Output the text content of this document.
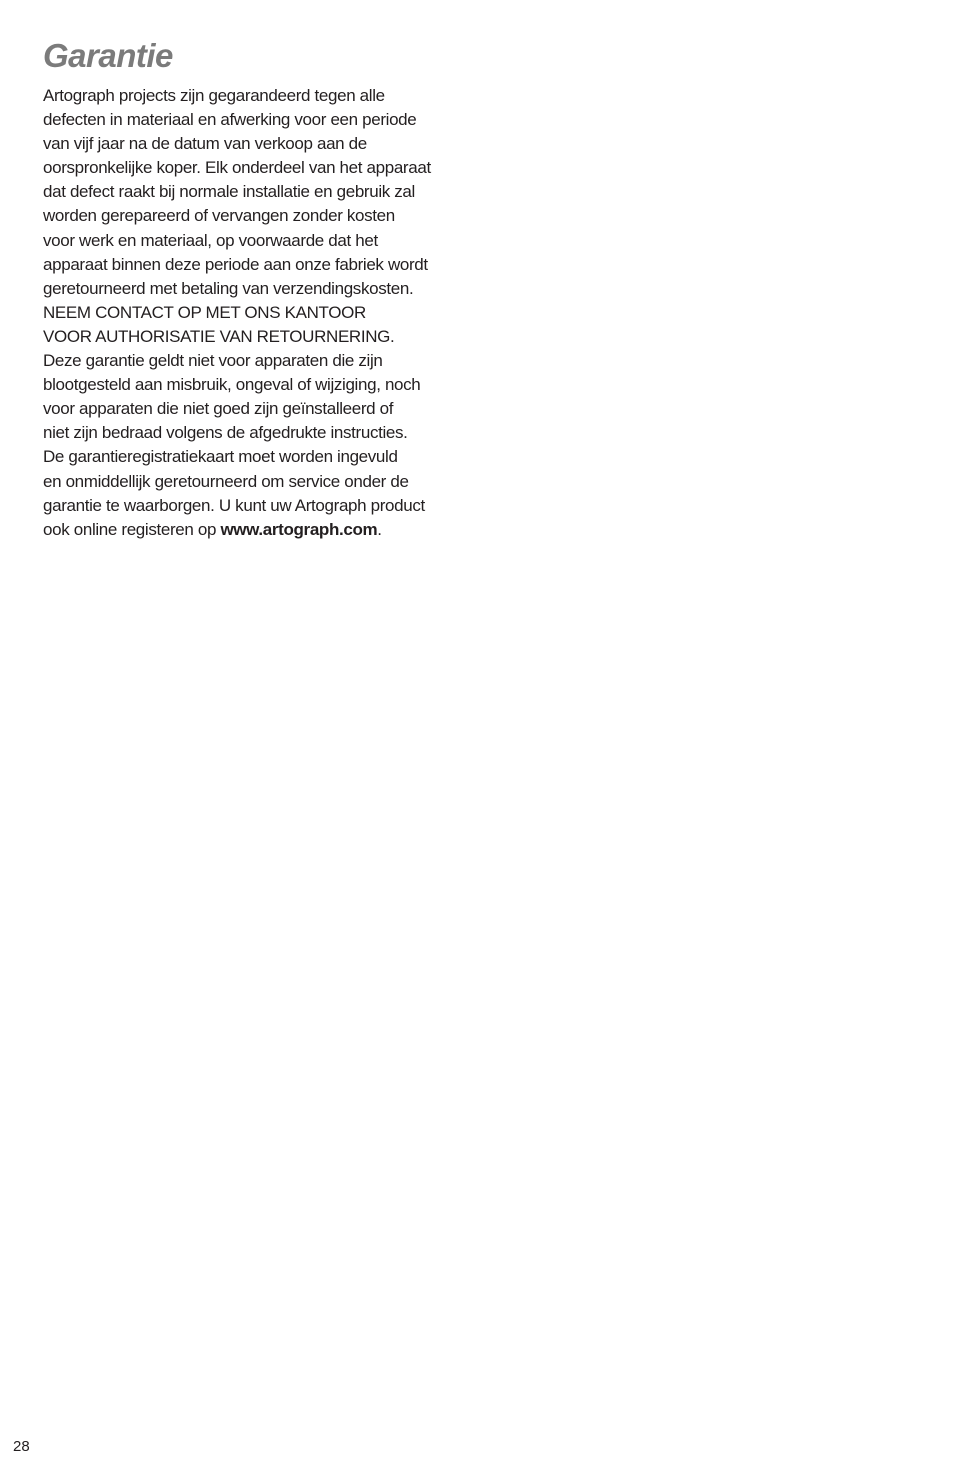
Garantie
Artograph projects zijn gegarandeerd tegen alle
defecten in materiaal en afwerking voor een periode
van vijf jaar na de datum van verkoop aan de
oorspronkelijke koper. Elk onderdeel van het apparaat
dat defect raakt bij normale installatie en gebruik zal
worden gerepareerd of vervangen zonder kosten
voor werk en materiaal, op voorwaarde dat het
apparaat binnen deze periode aan onze fabriek wordt
geretourneerd met betaling van verzendingskosten.
NEEM CONTACT OP MET ONS KANTOOR
VOOR AUTHORISATIE VAN RETOURNERING.
Deze garantie geldt niet voor apparaten die zijn
blootgesteld aan misbruik, ongeval of wijziging, noch
voor apparaten die niet goed zijn geïnstalleerd of
niet zijn bedraad volgens de afgedrukte instructies.
De garantieregistratiekaart moet worden ingevuld
en onmiddellijk geretourneerd om service onder de
garantie te waarborgen. U kunt uw Artograph product
ook online registeren op www.artograph.com.
28
